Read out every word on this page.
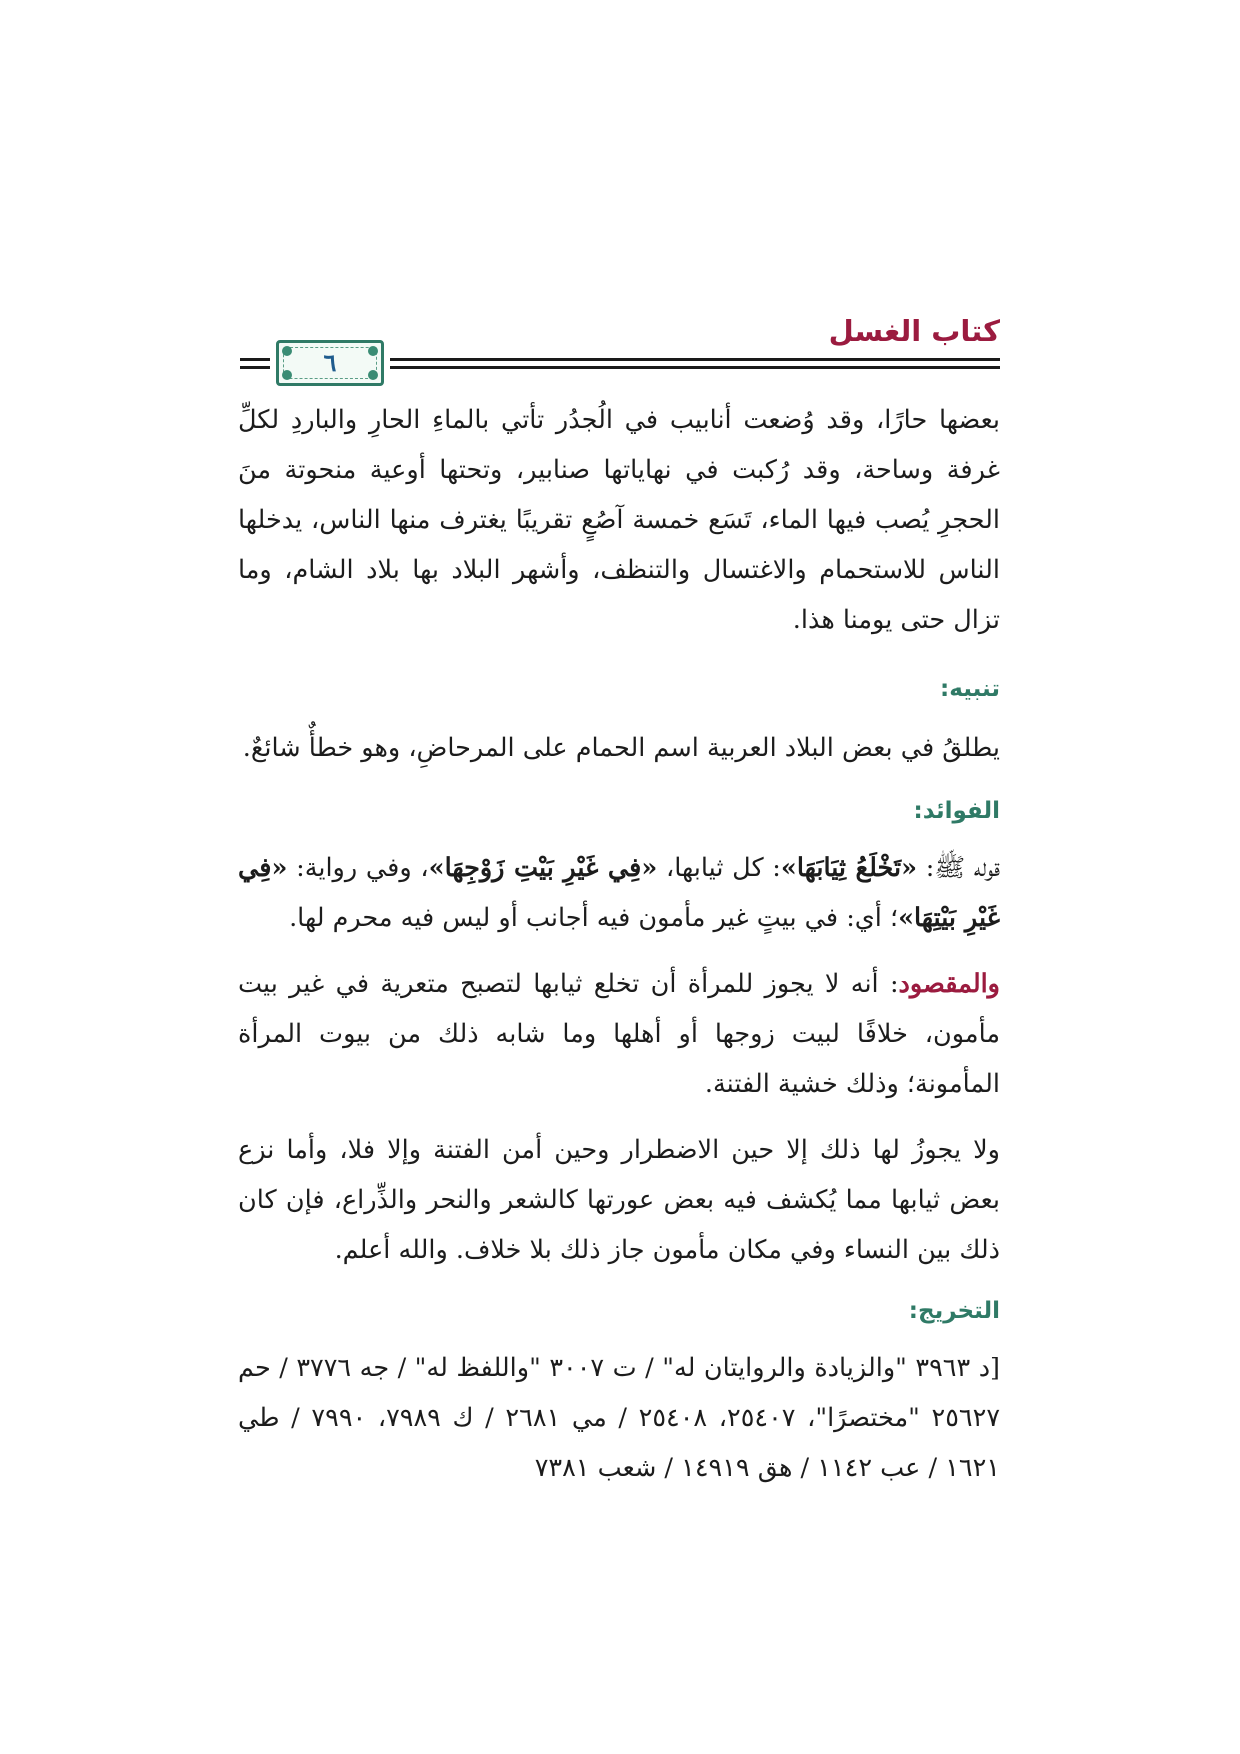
كتاب الغسل
٦

بعضها حارًا، وقد وُضعت أنابيب في الُجدُر تأتي بالماءِ الحارِ والباردِ لكلِّ غرفة وساحة، وقد رُكبت في نهاياتها صنابير، وتحتها أوعية منحوتة منَ الحجرِ يُصب فيها الماء، تَسَع خمسة آصُعٍ تقريبًا يغترف منها الناس، يدخلها الناس للاستحمام والاغتسال والتنظف، وأشهر البلاد بها بلاد الشام، وما تزال حتى يومنا هذا.

تنبيه:

يطلقُ في بعض البلاد العربية اسم الحمام على المرحاضِ، وهو خطأٌ شائعٌ.

الفوائد:

قوله ﷺ: «تَخْلَعُ ثِيَابَهَا»: كل ثيابها، «فِي غَيْرِ بَيْتِ زَوْجِهَا»، وفي رواية: «فِي غَيْرِ بَيْتِهَا»؛ أي: في بيتٍ غير مأمون فيه أجانب أو ليس فيه محرم لها.

والمقصود: أنه لا يجوز للمرأة أن تخلع ثيابها لتصبح متعرية في غير بيت مأمون، خلافًا لبيت زوجها أو أهلها وما شابه ذلك من بيوت المرأة المأمونة؛ وذلك خشية الفتنة.

ولا يجوزُ لها ذلك إلا حين الاضطرار وحين أمن الفتنة وإلا فلا، وأما نزع بعض ثيابها مما يُكشف فيه بعض عورتها كالشعر والنحر والذِّراع، فإن كان ذلك بين النساء وفي مكان مأمون جاز ذلك بلا خلاف. والله أعلم.

التخريج:

[د ٣٩٦٣ "والزيادة والروايتان له" / ت ٣٠٠٧ "واللفظ له" / جه ٣٧٧٦ / حم ٢٥٦٢٧ "مختصرًا"، ٢٥٤٠٧، ٢٥٤٠٨ / مي ٢٦٨١ / ك ٧٩٨٩، ٧٩٩٠ / طي ١٦٢١ / عب ١١٤٢ / هق ١٤٩١٩ / شعب ٧٣٨١
